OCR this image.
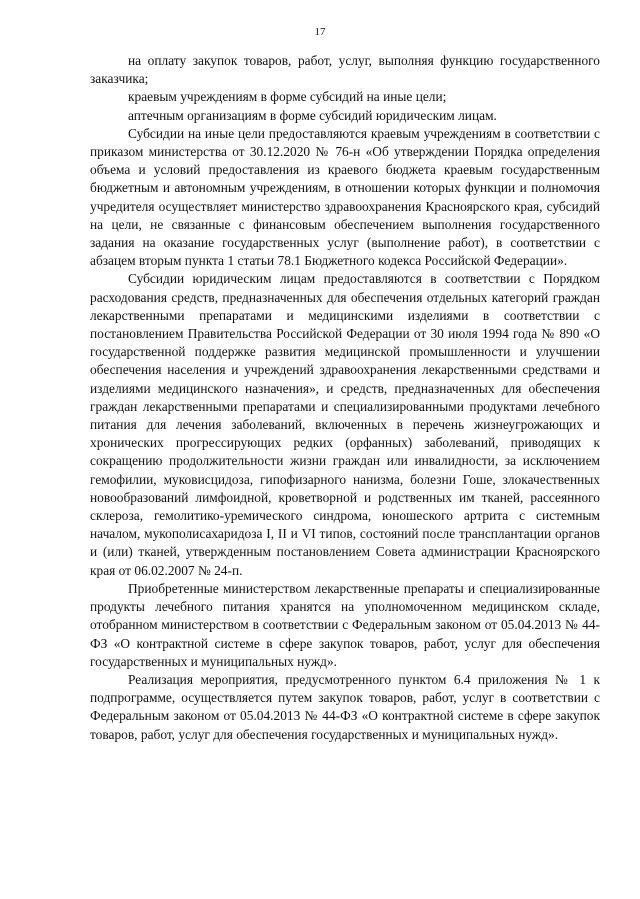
17

на оплату закупок товаров, работ, услуг, выполняя функцию государственного заказчика;

краевым учреждениям в форме субсидий на иные цели;

аптечным организациям в форме субсидий юридическим лицам.

Субсидии на иные цели предоставляются краевым учреждениям в соответствии с приказом министерства от 30.12.2020 № 76-н «Об утверждении Порядка определения объема и условий предоставления из краевого бюджета краевым государственным бюджетным и автономным учреждениям, в отношении которых функции и полномочия учредителя осуществляет министерство здравоохранения Красноярского края, субсидий на цели, не связанные с финансовым обеспечением выполнения государственного задания на оказание государственных услуг (выполнение работ), в соответствии с абзацем вторым пункта 1 статьи 78.1 Бюджетного кодекса Российской Федерации».

Субсидии юридическим лицам предоставляются в соответствии с Порядком расходования средств, предназначенных для обеспечения отдельных категорий граждан лекарственными препаратами и медицинскими изделиями в соответствии с постановлением Правительства Российской Федерации от 30 июля 1994 года № 890 «О государственной поддержке развития медицинской промышленности и улучшении обеспечения населения и учреждений здравоохранения лекарственными средствами и изделиями медицинского назначения», и средств, предназначенных для обеспечения граждан лекарственными препаратами и специализированными продуктами лечебного питания для лечения заболеваний, включенных в перечень жизнеугрожающих и хронических прогрессирующих редких (орфанных) заболеваний, приводящих к сокращению продолжительности жизни граждан или инвалидности, за исключением гемофилии, муковисцидоза, гипофизарного нанизма, болезни Гоше, злокачественных новообразований лимфоидной, кроветворной и родственных им тканей, рассеянного склероза, гемолитико-уремического синдрома, юношеского артрита с системным началом, мукополисахаридоза I, II и VI типов, состояний после трансплантации органов и (или) тканей, утвержденным постановлением Совета администрации Красноярского края от 06.02.2007 № 24-п.

Приобретенные министерством лекарственные препараты и специализированные продукты лечебного питания хранятся на уполномоченном медицинском складе, отобранном министерством в соответствии с Федеральным законом от 05.04.2013 № 44-ФЗ «О контрактной системе в сфере закупок товаров, работ, услуг для обеспечения государственных и муниципальных нужд».

Реализация мероприятия, предусмотренного пунктом 6.4 приложения № 1 к подпрограмме, осуществляется путем закупок товаров, работ, услуг в соответствии с Федеральным законом от 05.04.2013 № 44-ФЗ «О контрактной системе в сфере закупок товаров, работ, услуг для обеспечения государственных и муниципальных нужд».
